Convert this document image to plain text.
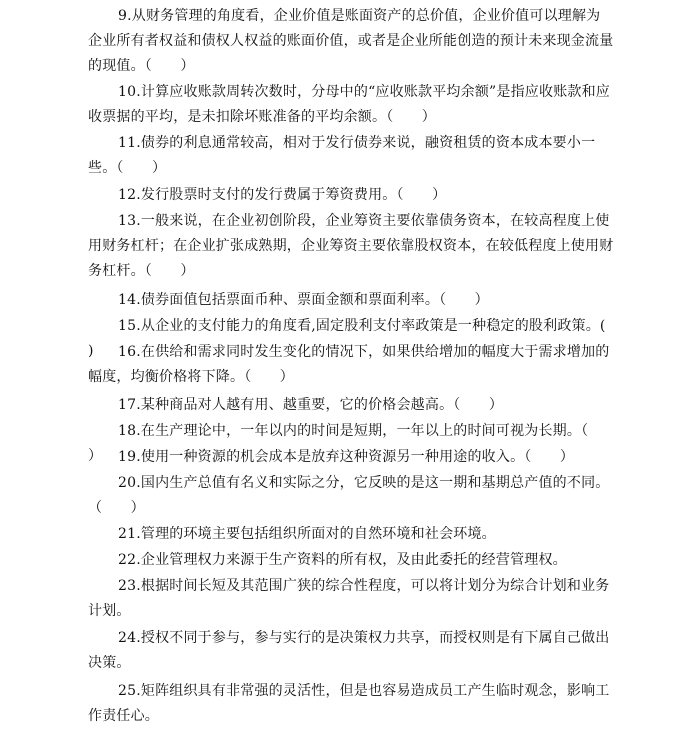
9.从财务管理的角度看，企业价值是账面资产的总价值，企业价值可以理解为企业所有者权益和债权人权益的账面价值，或者是企业所能创造的预计未来现金流量的现值。（　　）

10.计算应收账款周转次数时，分母中的“应收账款平均余额”是指应收账款和应收票据的平均，是未扣除坏账准备的平均余额。（　　）

11.债券的利息通常较高，相对于发行债券来说，融资租赁的资本成本要小一些。（　　）

12.发行股票时支付的发行费属于筹资费用。（　　）

13.一般来说，在企业初创阶段，企业筹资主要依靠债务资本，在较高程度上使用财务杠杆；在企业扩张成熟期，企业筹资主要依靠股权资本，在较低程度上使用财务杠杆。（　　）

14.债券面值包括票面币种、票面金额和票面利率。（　　）

15.从企业的支付能力的角度看,固定股利支付率政策是一种稳定的股利政策。(　　)	16.在供给和需求同时发生变化的情况下，如果供给增加的幅度大于需求增加的幅度，均衡价格将下降。（　　）

17.某种商品对人越有用、越重要，它的价格会越高。（　　）

18.在生产理论中，一年以内的时间是短期，一年以上的时间可视为长期。（　　）	19.使用一种资源的机会成本是放弃这种资源另一种用途的收入。（　　）

20.国内生产总值有名义和实际之分，它反映的是这一期和基期总产值的不同。（　　）

21.管理的环境主要包括组织所面对的自然环境和社会环境。

22.企业管理权力来源于生产资料的所有权，及由此委托的经营管理权。

23.根据时间长短及其范围广狭的综合性程度，可以将计划分为综合计划和业务计划。

24.授权不同于参与，参与实行的是决策权力共享，而授权则是有下属自己做出决策。

25.矩阵组织具有非常强的灵活性，但是也容易造成员工产生临时观念，影响工作责任心。
